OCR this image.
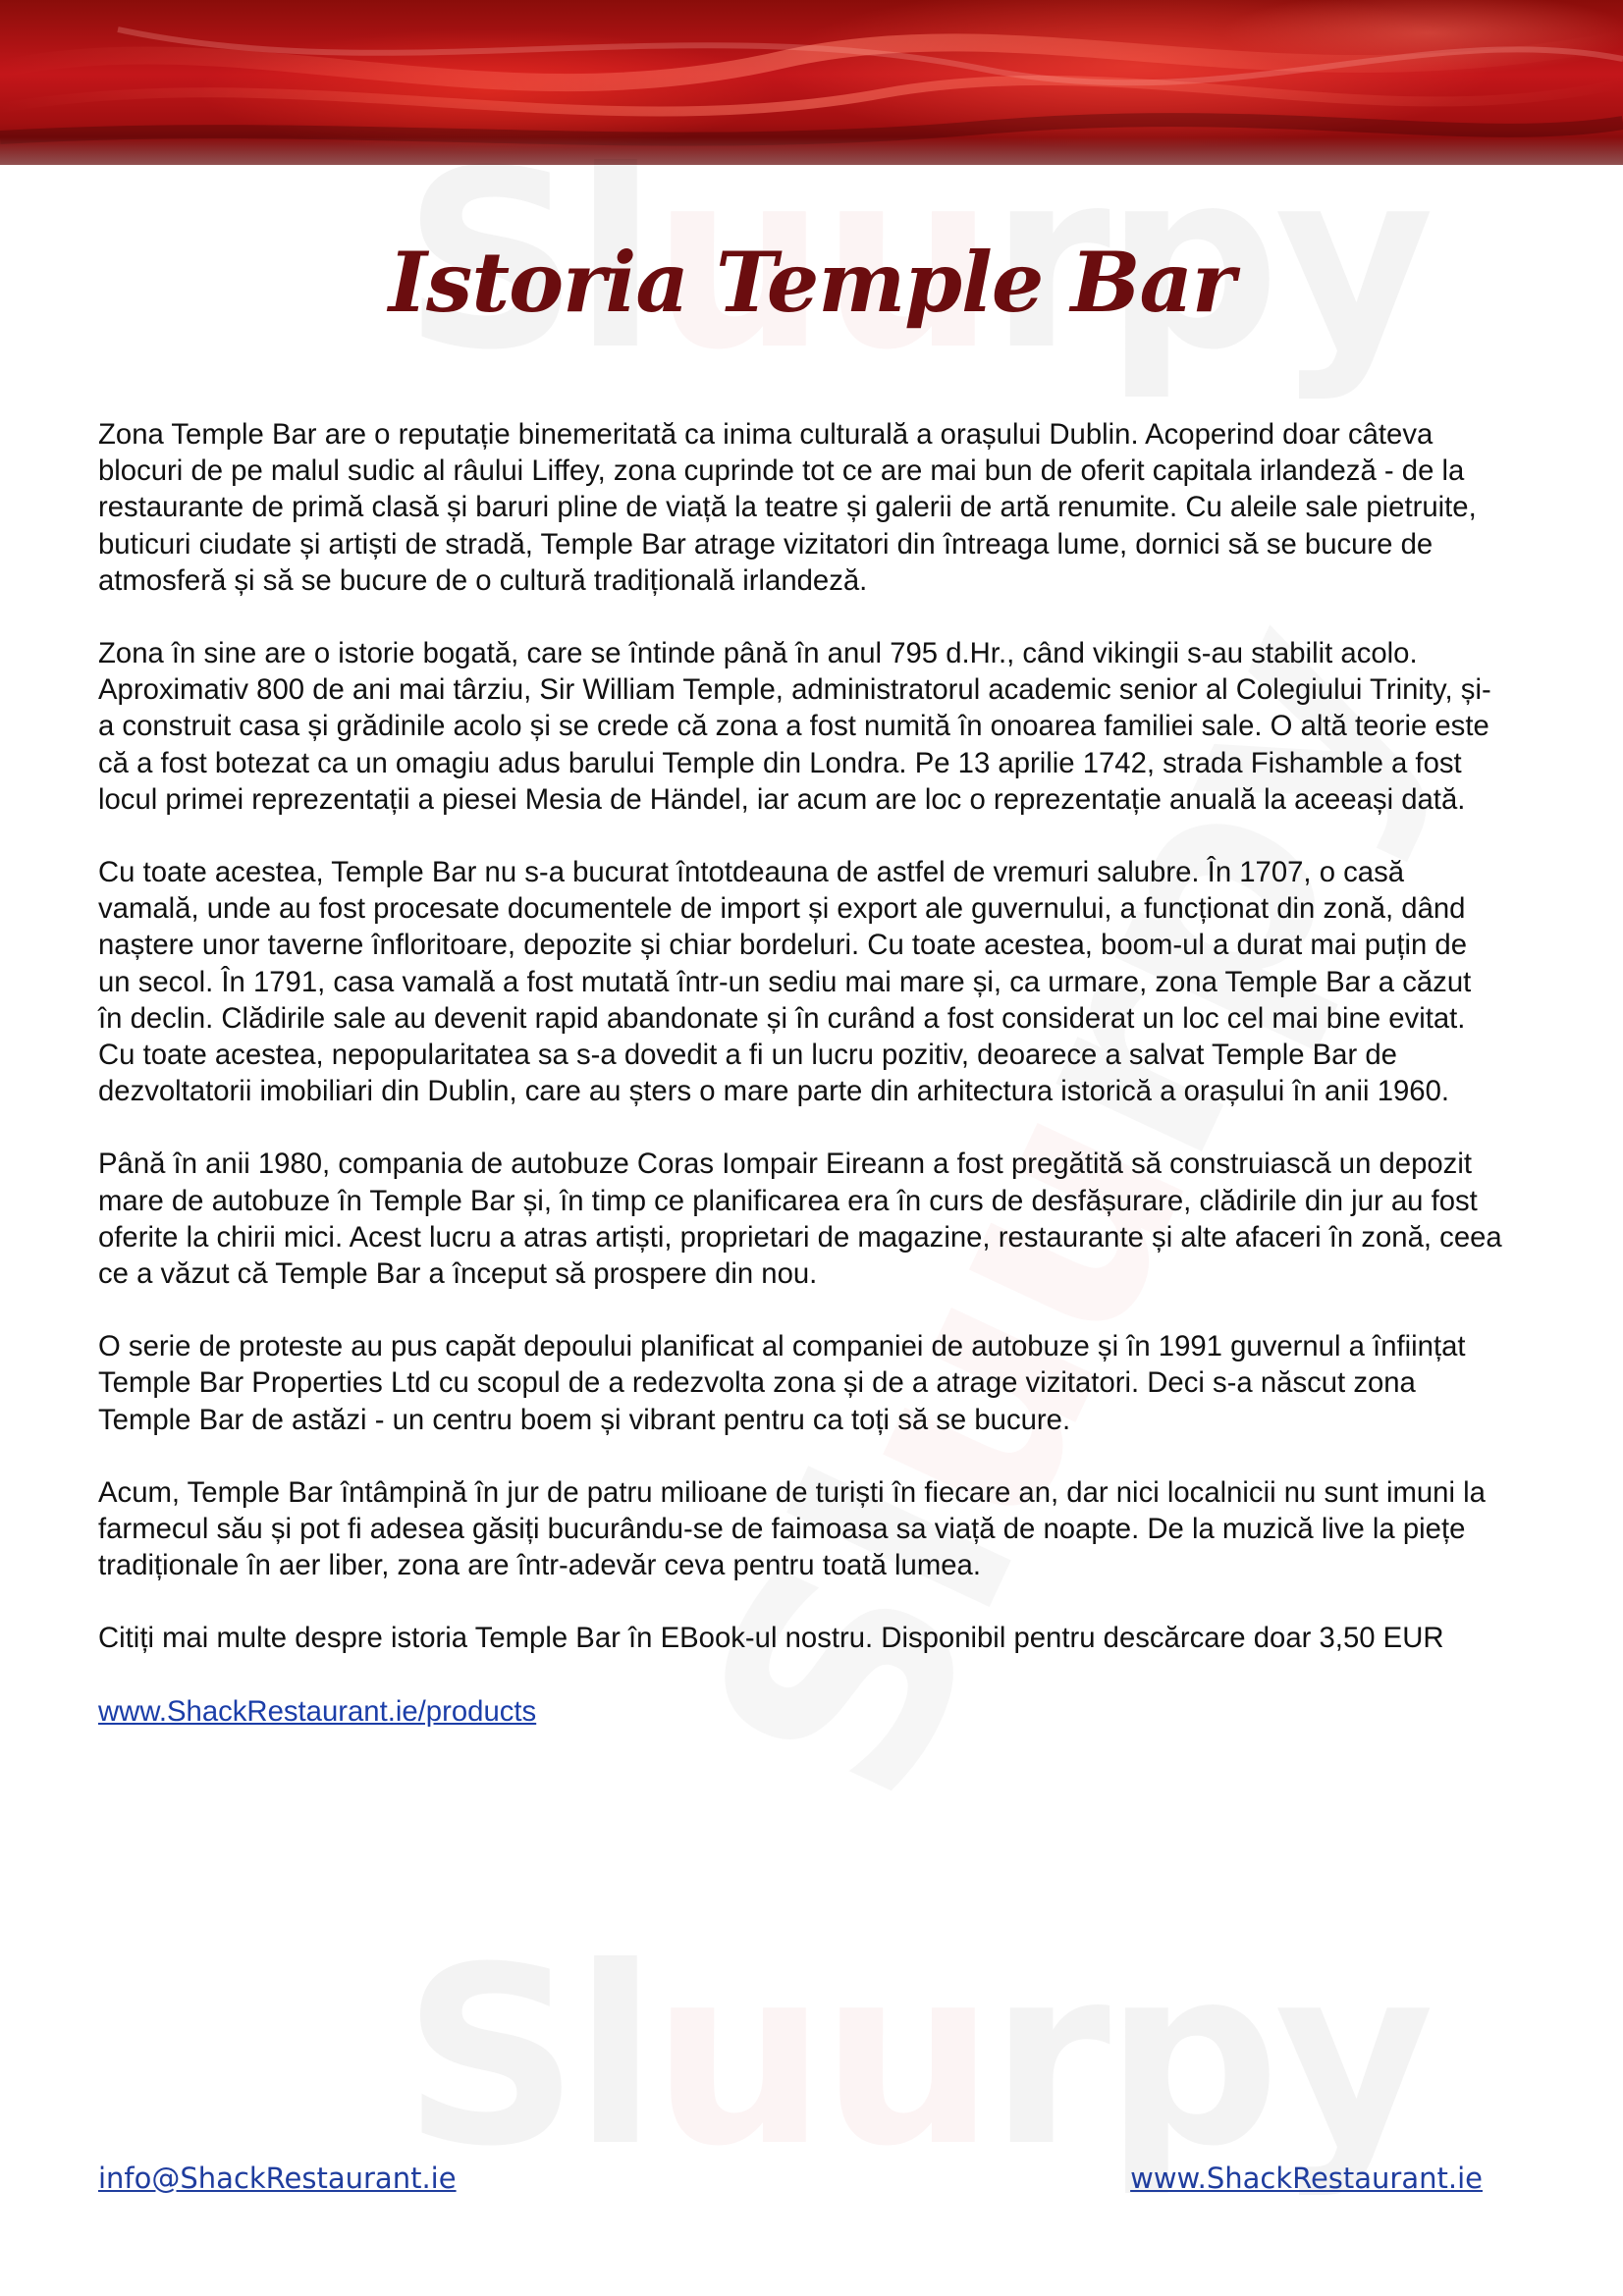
Istoria Temple Bar

Zona Temple Bar are o reputație binemeritată ca inima culturală a orașului Dublin. Acoperind doar câteva blocuri de pe malul sudic al râului Liffey, zona cuprinde tot ce are mai bun de oferit capitala irlandeză - de la restaurante de primă clasă și baruri pline de viață la teatre și galerii de artă renumite. Cu aleile sale pietruite, buticuri ciudate și artiști de stradă, Temple Bar atrage vizitatori din întreaga lume, dornici să se bucure de atmosferă și să se bucure de o cultură tradițională irlandeză.

Zona în sine are o istorie bogată, care se întinde până în anul 795 d.Hr., când vikingii s-au stabilit acolo. Aproximativ 800 de ani mai târziu, Sir William Temple, administratorul academic senior al Colegiului Trinity, și-a construit casa și grădinile acolo și se crede că zona a fost numită în onoarea familiei sale. O altă teorie este că a fost botezat ca un omagiu adus barului Temple din Londra. Pe 13 aprilie 1742, strada Fishamble a fost locul primei reprezentații a piesei Mesia de Händel, iar acum are loc o reprezentație anuală la aceeași dată.

Cu toate acestea, Temple Bar nu s-a bucurat întotdeauna de astfel de vremuri salubre. În 1707, o casă vamală, unde au fost procesate documentele de import și export ale guvernului, a funcționat din zonă, dând naștere unor taverne înfloritoare, depozite și chiar bordeluri. Cu toate acestea, boom-ul a durat mai puțin de un secol. În 1791, casa vamală a fost mutată într-un sediu mai mare și, ca urmare, zona Temple Bar a căzut în declin. Clădirile sale au devenit rapid abandonate și în curând a fost considerat un loc cel mai bine evitat. Cu toate acestea, nepopularitatea sa s-a dovedit a fi un lucru pozitiv, deoarece a salvat Temple Bar de dezvoltatorii imobiliari din Dublin, care au șters o mare parte din arhitectura istorică a orașului în anii 1960.

Până în anii 1980, compania de autobuze Coras Iompair Eireann a fost pregătită să construiască un depozit mare de autobuze în Temple Bar și, în timp ce planificarea era în curs de desfășurare, clădirile din jur au fost oferite la chirii mici. Acest lucru a atras artiști, proprietari de magazine, restaurante și alte afaceri în zonă, ceea ce a văzut că Temple Bar a început să prospere din nou.

O serie de proteste au pus capăt depoului planificat al companiei de autobuze și în 1991 guvernul a înființat Temple Bar Properties Ltd cu scopul de a redezvolta zona și de a atrage vizitatori. Deci s-a născut zona Temple Bar de astăzi - un centru boem și vibrant pentru ca toți să se bucure.

Acum, Temple Bar întâmpină în jur de patru milioane de turiști în fiecare an, dar nici localnicii nu sunt imuni la farmecul său și pot fi adesea găsiți bucurându-se de faimoasa sa viață de noapte. De la muzică live la piețe tradiționale în aer liber, zona are într-adevăr ceva pentru toată lumea.

Citiți mai multe despre istoria Temple Bar în EBook-ul nostru. Disponibil pentru descărcare doar 3,50 EUR

www.ShackRestaurant.ie/products

info@ShackRestaurant.ie	www.ShackRestaurant.ie
